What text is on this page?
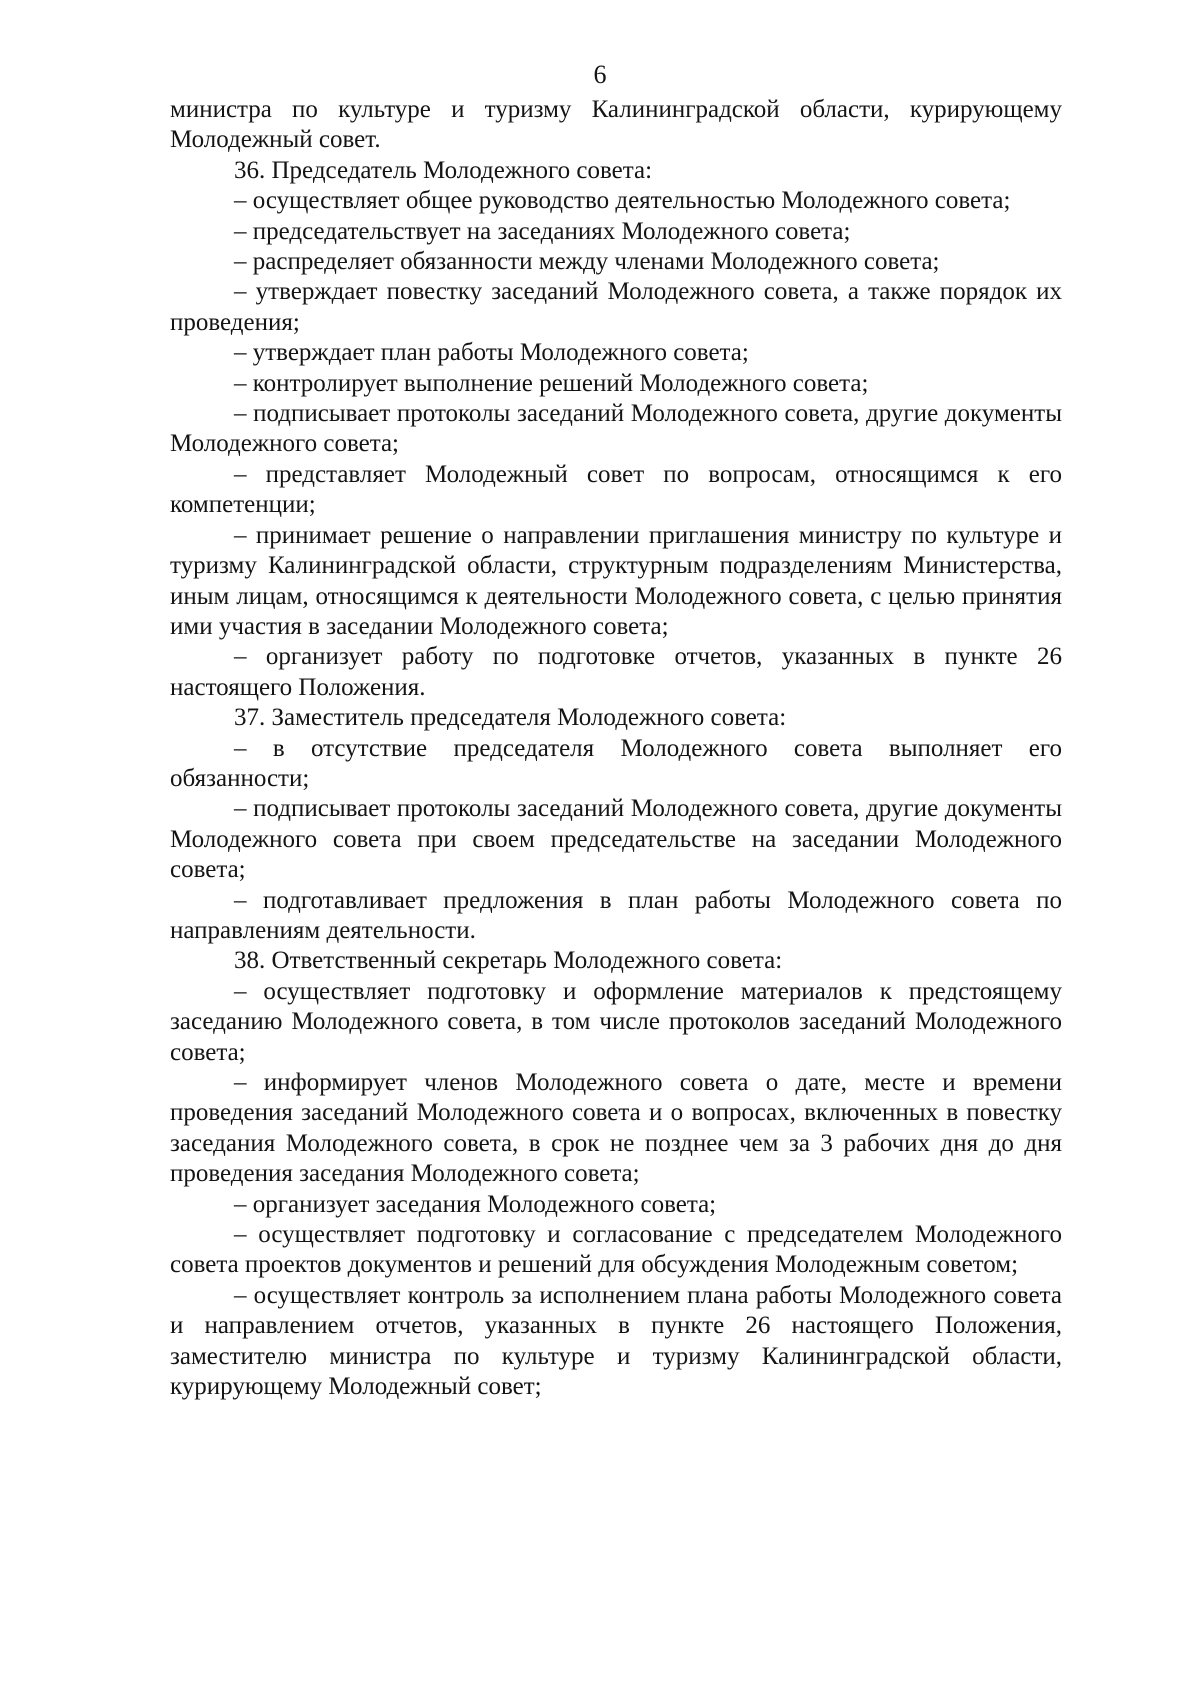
6

министра по культуре и туризму Калининградской области, курирующему Молодежный совет.

36. Председатель Молодежного совета:

– осуществляет общее руководство деятельностью Молодежного совета;

– председательствует на заседаниях Молодежного совета;

– распределяет обязанности между членами Молодежного совета;

– утверждает повестку заседаний Молодежного совета, а также порядок их проведения;

– утверждает план работы Молодежного совета;

– контролирует выполнение решений Молодежного совета;

– подписывает протоколы заседаний Молодежного совета, другие документы Молодежного совета;

– представляет Молодежный совет по вопросам, относящимся к его компетенции;

– принимает решение о направлении приглашения министру по культуре и туризму Калининградской области, структурным подразделениям Министерства, иным лицам, относящимся к деятельности Молодежного совета, с целью принятия ими участия в заседании Молодежного совета;

– организует работу по подготовке отчетов, указанных в пункте 26 настоящего Положения.

37. Заместитель председателя Молодежного совета:

– в отсутствие председателя Молодежного совета выполняет его обязанности;

– подписывает протоколы заседаний Молодежного совета, другие документы Молодежного совета при своем председательстве на заседании Молодежного совета;

– подготавливает предложения в план работы Молодежного совета по направлениям деятельности.

38. Ответственный секретарь Молодежного совета:

– осуществляет подготовку и оформление материалов к предстоящему заседанию Молодежного совета, в том числе протоколов заседаний Молодежного совета;

– информирует членов Молодежного совета о дате, месте и времени проведения заседаний Молодежного совета и о вопросах, включенных в повестку заседания Молодежного совета, в срок не позднее чем за 3 рабочих дня до дня проведения заседания Молодежного совета;

– организует заседания Молодежного совета;

– осуществляет подготовку и согласование с председателем Молодежного совета проектов документов и решений для обсуждения Молодежным советом;

– осуществляет контроль за исполнением плана работы Молодежного совета и направлением отчетов, указанных в пункте 26 настоящего Положения, заместителю министра по культуре и туризму Калининградской области, курирующему Молодежный совет;
